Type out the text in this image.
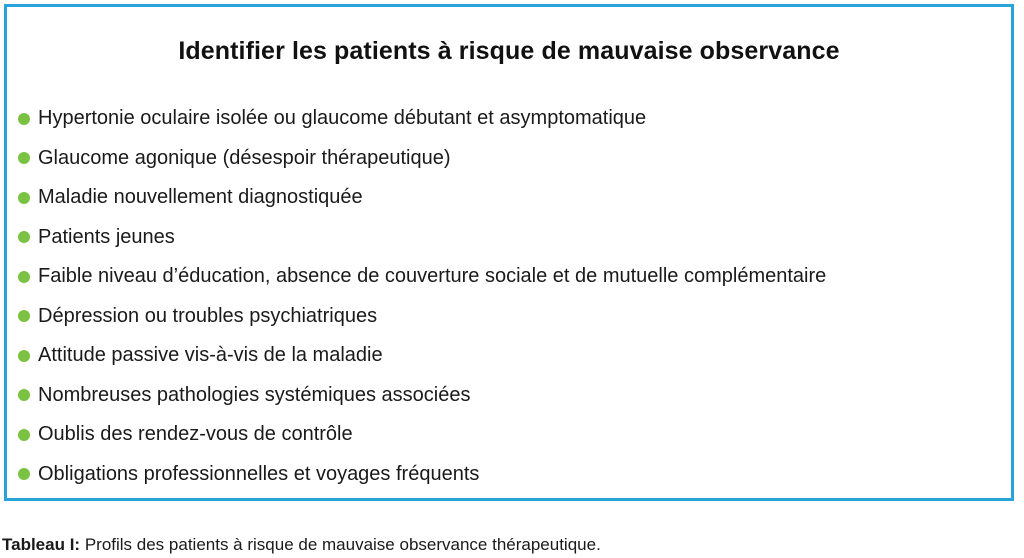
Identifier les patients à risque de mauvaise observance
Hypertonie oculaire isolée ou glaucome débutant et asymptomatique
Glaucome agonique (désespoir thérapeutique)
Maladie nouvellement diagnostiquée
Patients jeunes
Faible niveau d’éducation, absence de couverture sociale et de mutuelle complémentaire
Dépression ou troubles psychiatriques
Attitude passive vis-à-vis de la maladie
Nombreuses pathologies systémiques associées
Oublis des rendez-vous de contrôle
Obligations professionnelles et voyages fréquents
Tableau I: Profils des patients à risque de mauvaise observance thérapeutique.
